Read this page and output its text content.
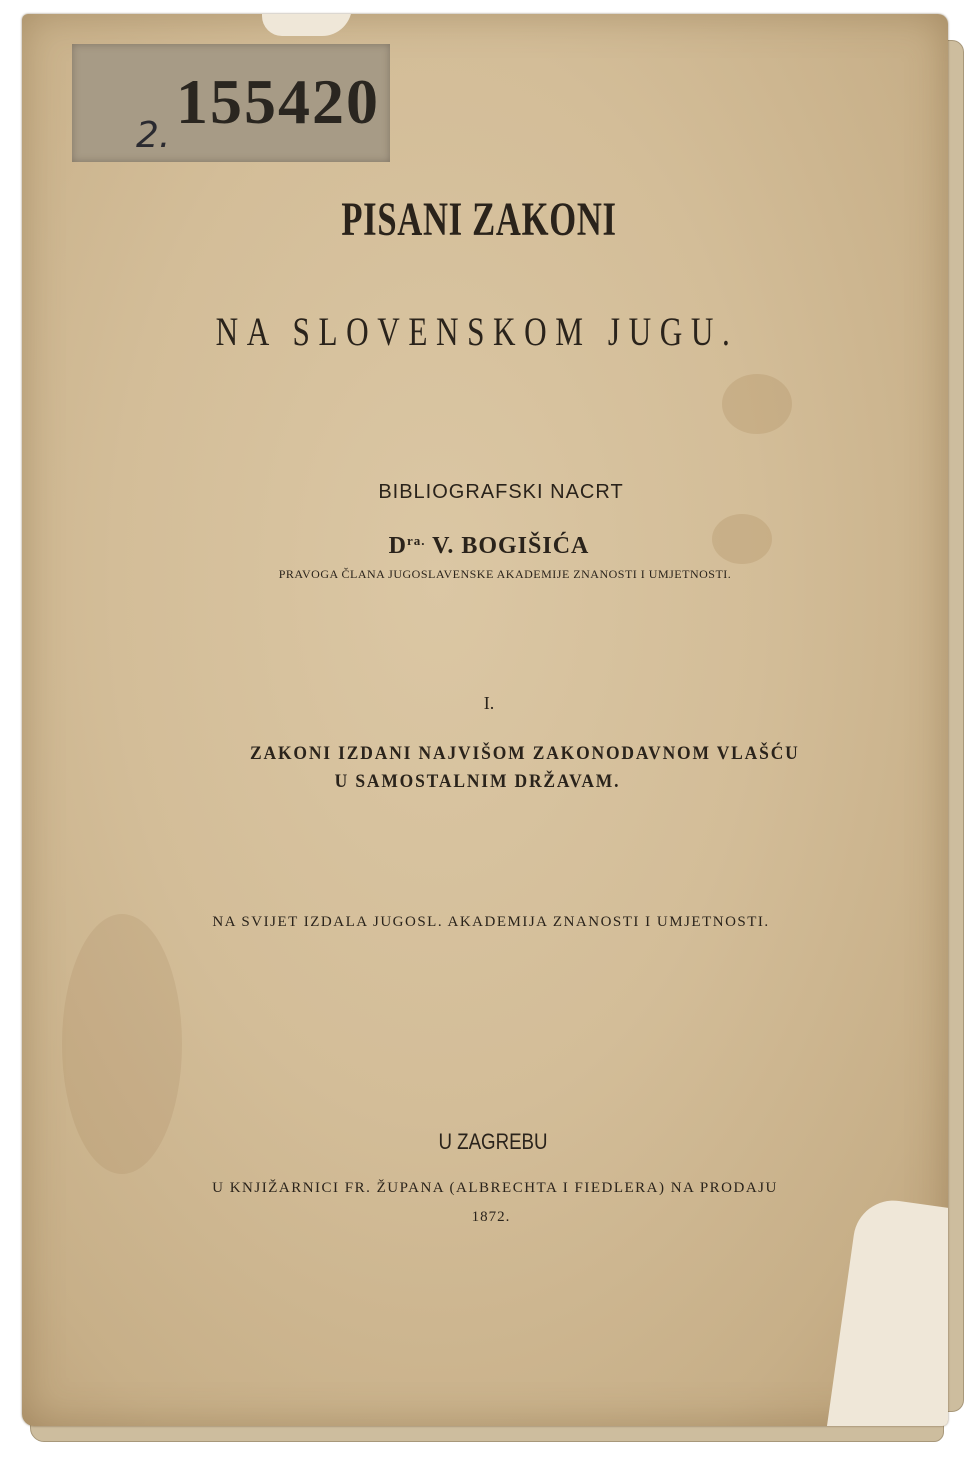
155420
2.
PISANI ZAKONI
NA SLOVENSKOM JUGU.
BIBLIOGRAFSKI NACRT
$D^{ra.}$ V. BOGIŠIĆA
PRAVOGA ČLANA JUGOSLAVENSKE AKADEMIJE ZNANOSTI I UMJETNOSTI.
I.
ZAKONI IZDANI NAJVIŠOM ZAKONODAVNOM VLAŠĆU
U SAMOSTALNIM DRŽAVAM.
NA SVIJET IZDALA JUGOSL. AKADEMIJA ZNANOSTI I UMJETNOSTI.
U ZAGREBU
U KNJIŽARNICI FR. ŽUPANA (ALBRECHTA I FIEDLERA) NA PRODAJU
1872.
